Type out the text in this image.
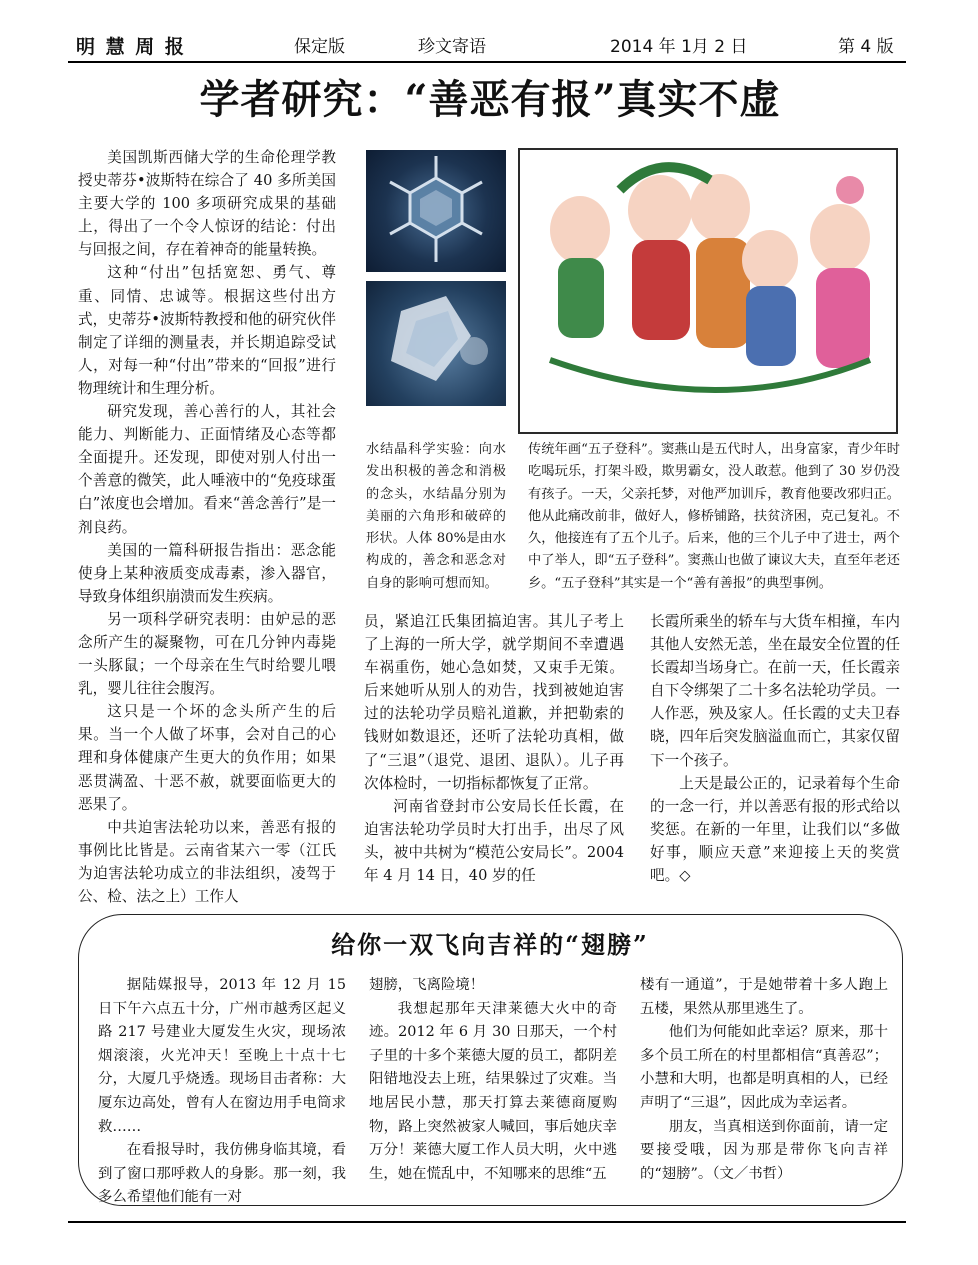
明 慧 周 报	保定版	珍文寄语	2014 年 1月 2 日	第 4 版
学者研究：“善恶有报”真实不虚

美国凯斯西储大学的生命伦理学教授史蒂芬•波斯特在综合了 40 多所美国主要大学的 100 多项研究成果的基础上，得出了一个令人惊讶的结论：付出与回报之间，存在着神奇的能量转换。

这种“付出”包括宽恕、勇气、尊重、同情、忠诚等。根据这些付出方式，史蒂芬•波斯特教授和他的研究伙伴制定了详细的测量表，并长期追踪受试人，对每一种“付出”带来的“回报”进行物理统计和生理分析。

研究发现，善心善行的人，其社会能力、判断能力、正面情绪及心态等都全面提升。还发现，即使对别人付出一个善意的微笑，此人唾液中的“免疫球蛋白”浓度也会增加。看来“善念善行”是一剂良药。

美国的一篇科研报告指出：恶念能使身上某种液质变成毒素，渗入器官，导致身体组织崩溃而发生疾病。

另一项科学研究表明：由妒忌的恶念所产生的凝聚物，可在几分钟内毒毙一头豚鼠；一个母亲在生气时给婴儿喂乳，婴儿往往会腹泻。

这只是一个坏的念头所产生的后果。当一个人做了坏事，会对自己的心理和身体健康产生更大的负作用；如果恶贯满盈、十恶不赦，就要面临更大的恶果了。

中共迫害法轮功以来，善恶有报的事例比比皆是。云南省某六一零（江氏为迫害法轮功成立的非法组织，凌驾于公、检、法之上）工作人

水结晶科学实验：向水发出积极的善念和消极的念头，水结晶分别为美丽的六角形和破碎的形状。人体 80%是由水构成的，善念和恶念对自身的影响可想而知。

传统年画“五子登科”。窦燕山是五代时人，出身富家，青少年时吃喝玩乐，打架斗殴，欺男霸女，没人敢惹。他到了 30 岁仍没有孩子。一天，父亲托梦，对他严加训斥，教育他要改邪归正。他从此痛改前非，做好人，修桥铺路，扶贫济困，克己复礼。不久，他接连有了五个儿子。后来，他的三个儿子中了进士，两个中了举人，即“五子登科”。窦燕山也做了谏议大夫，直至年老还乡。“五子登科”其实是一个“善有善报”的典型事例。

员，紧追江氏集团搞迫害。其儿子考上了上海的一所大学，就学期间不幸遭遇车祸重伤，她心急如焚，又束手无策。后来她听从别人的劝告，找到被她迫害过的法轮功学员赔礼道歉，并把勒索的钱财如数退还，还听了法轮功真相，做了“三退”（退党、退团、退队）。儿子再次体检时，一切指标都恢复了正常。

河南省登封市公安局长任长霞，在迫害法轮功学员时大打出手，出尽了风头，被中共树为“模范公安局长”。2004 年 4 月 14 日，40 岁的任

长霞所乘坐的轿车与大货车相撞，车内其他人安然无恙，坐在最安全位置的任长霞却当场身亡。在前一天，任长霞亲自下令绑架了二十多名法轮功学员。一人作恶，殃及家人。任长霞的丈夫卫春晓，四年后突发脑溢血而亡，其家仅留下一个孩子。

上天是最公正的，记录着每个生命的一念一行，并以善恶有报的形式给以奖惩。在新的一年里，让我们以“多做好事，顺应天意”来迎接上天的奖赏吧。◇

给你一双飞向吉祥的“翅膀”

据陆媒报导，2013 年 12 月 15 日下午六点五十分，广州市越秀区起义路 217 号建业大厦发生火灾，现场浓烟滚滚，火光冲天！至晚上十点十七分，大厦几乎烧透。现场目击者称：大厦东边高处，曾有人在窗边用手电筒求救……

在看报导时，我仿佛身临其境，看到了窗口那呼救人的身影。那一刻，我多么希望他们能有一对

翅膀，飞离险境！

我想起那年天津莱德大火中的奇迹。2012 年 6 月 30 日那天，一个村子里的十多个莱德大厦的员工，都阴差阳错地没去上班，结果躲过了灾难。当地居民小慧，那天打算去莱德商厦购物，路上突然被家人喊回，事后她庆幸万分！莱德大厦工作人员大明，火中逃生，她在慌乱中，不知哪来的思维“五

楼有一通道”，于是她带着十多人跑上五楼，果然从那里逃生了。

他们为何能如此幸运？原来，那十多个员工所在的村里都相信“真善忍”；小慧和大明，也都是明真相的人，已经声明了“三退”，因此成为幸运者。

朋友，当真相送到你面前，请一定要接受哦，因为那是带你飞向吉祥的“翅膀”。（文／书哲）
